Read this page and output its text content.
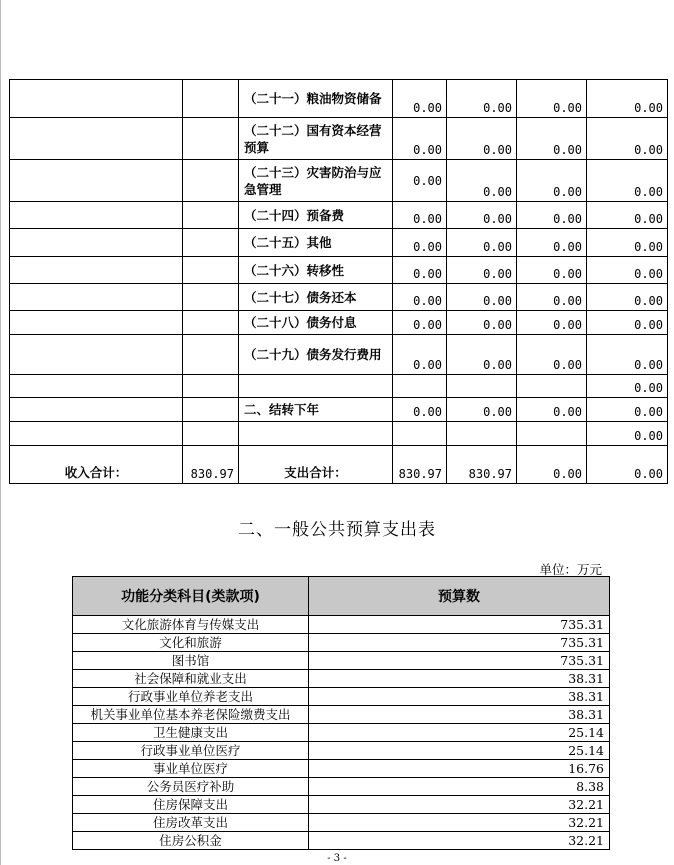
		（二十一）粮油物资储备	0.00	0.00	0.00	0.00
		（二十二）国有资本经营预算	0.00	0.00	0.00	0.00
		（二十三）灾害防治与应急管理	0.00	0.00	0.00	0.00
		（二十四）预备费	0.00	0.00	0.00	0.00
		（二十五）其他	0.00	0.00	0.00	0.00
		（二十六）转移性	0.00	0.00	0.00	0.00
		（二十七）债务还本	0.00	0.00	0.00	0.00
		（二十八）债务付息	0.00	0.00	0.00	0.00
		（二十九）债务发行费用	0.00	0.00	0.00	0.00
						0.00
		二、结转下年	0.00	0.00	0.00	0.00
						0.00
收入合计：	830.97	支出合计：	830.97	830.97	0.00	0.00
二、一般公共预算支出表
单位：万元
功能分类科目(类款项)	预算数
文化旅游体育与传媒支出	735.31
文化和旅游	735.31
图书馆	735.31
社会保障和就业支出	38.31
行政事业单位养老支出	38.31
机关事业单位基本养老保险缴费支出	38.31
卫生健康支出	25.14
行政事业单位医疗	25.14
事业单位医疗	16.76
公务员医疗补助	8.38
住房保障支出	32.21
住房改革支出	32.21
住房公积金	32.21
- 3 -
